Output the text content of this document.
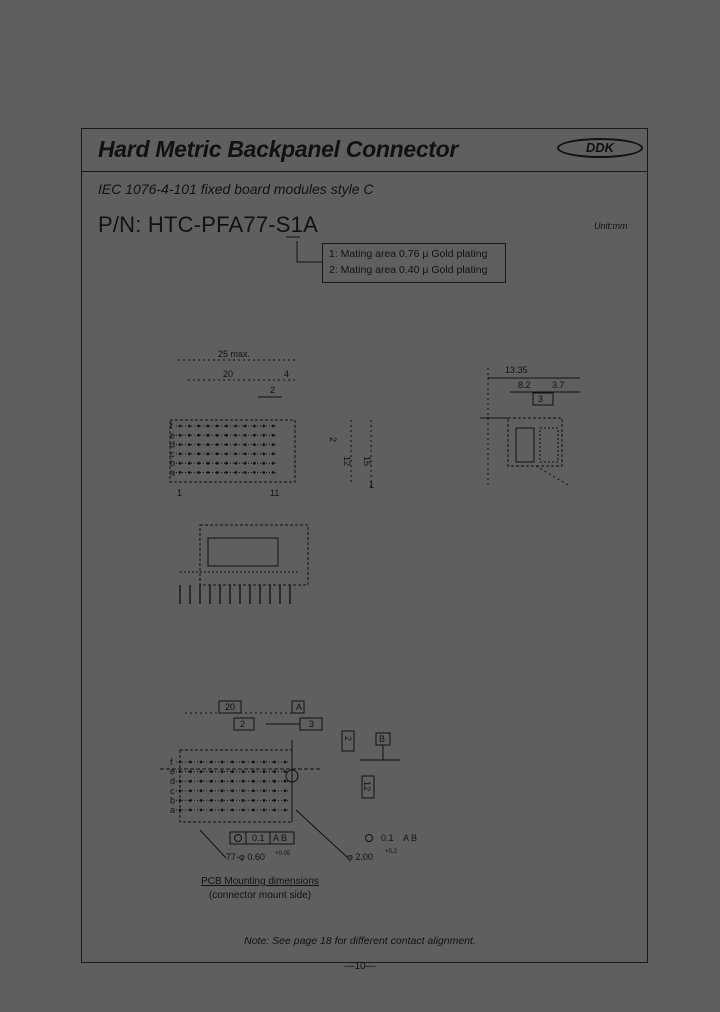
Hard Metric Backpanel Connector	DDK
IEC 1076-4-101 fixed board modules style C
P/N: HTC-PFA77-S1A	Unit:mm
1: Mating area 0.76 μ Gold plating
2: Mating area 0.40 μ Gold plating
25 max.
20	4
2
f
e
d
c
b
a
1	11
2
12 15
1
13.35
8.2 3.7
3
20	A
2	3
f
e
d
c
b
a
2	B
12
0.1 A B
77-φ 0.60 +0.05
0.1 A B
φ 2.00 +0.2
PCB Mounting dimensions
(connector mount side)
Note: See page 18 for different contact alignment.
—10—
